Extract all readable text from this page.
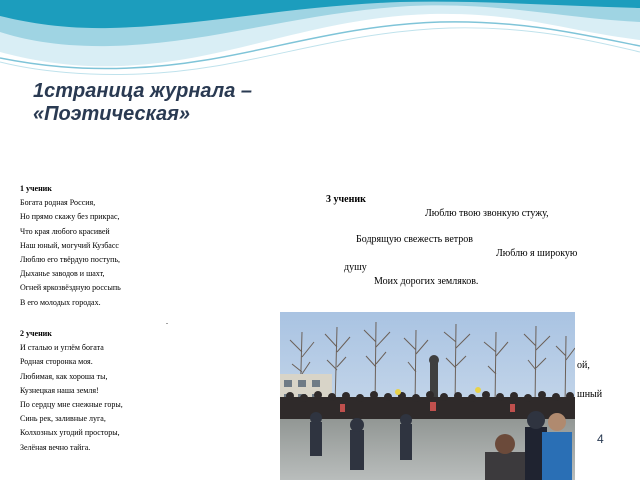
1страница журнала – «Поэтическая»

1 ученик

Богата родная Россия,

Но прямо скажу без прикрас,

Что края любого красивей

Наш юный, могучий Кузбасс

Люблю его твёрдую поступь,

Дыханье заводов и шахт,

Огней яркозвёздную россыпь

В его молодых городах.

.

2 ученик

И сталью и углём богата

Родная сторонка моя.

Любимая, как хороша ты,

Кузнецкая наша земля!

По сердцу мне снежные горы,

Синь рек, заливные луга,

Колхозных угодий просторы,

Зелёная вечно тайга.

3 ученик

Люблю твою звонкую стужу,

Бодрящую свежесть ветров

Люблю я широкую

душу

Моих дорогих земляков.

ой,
шный
4
